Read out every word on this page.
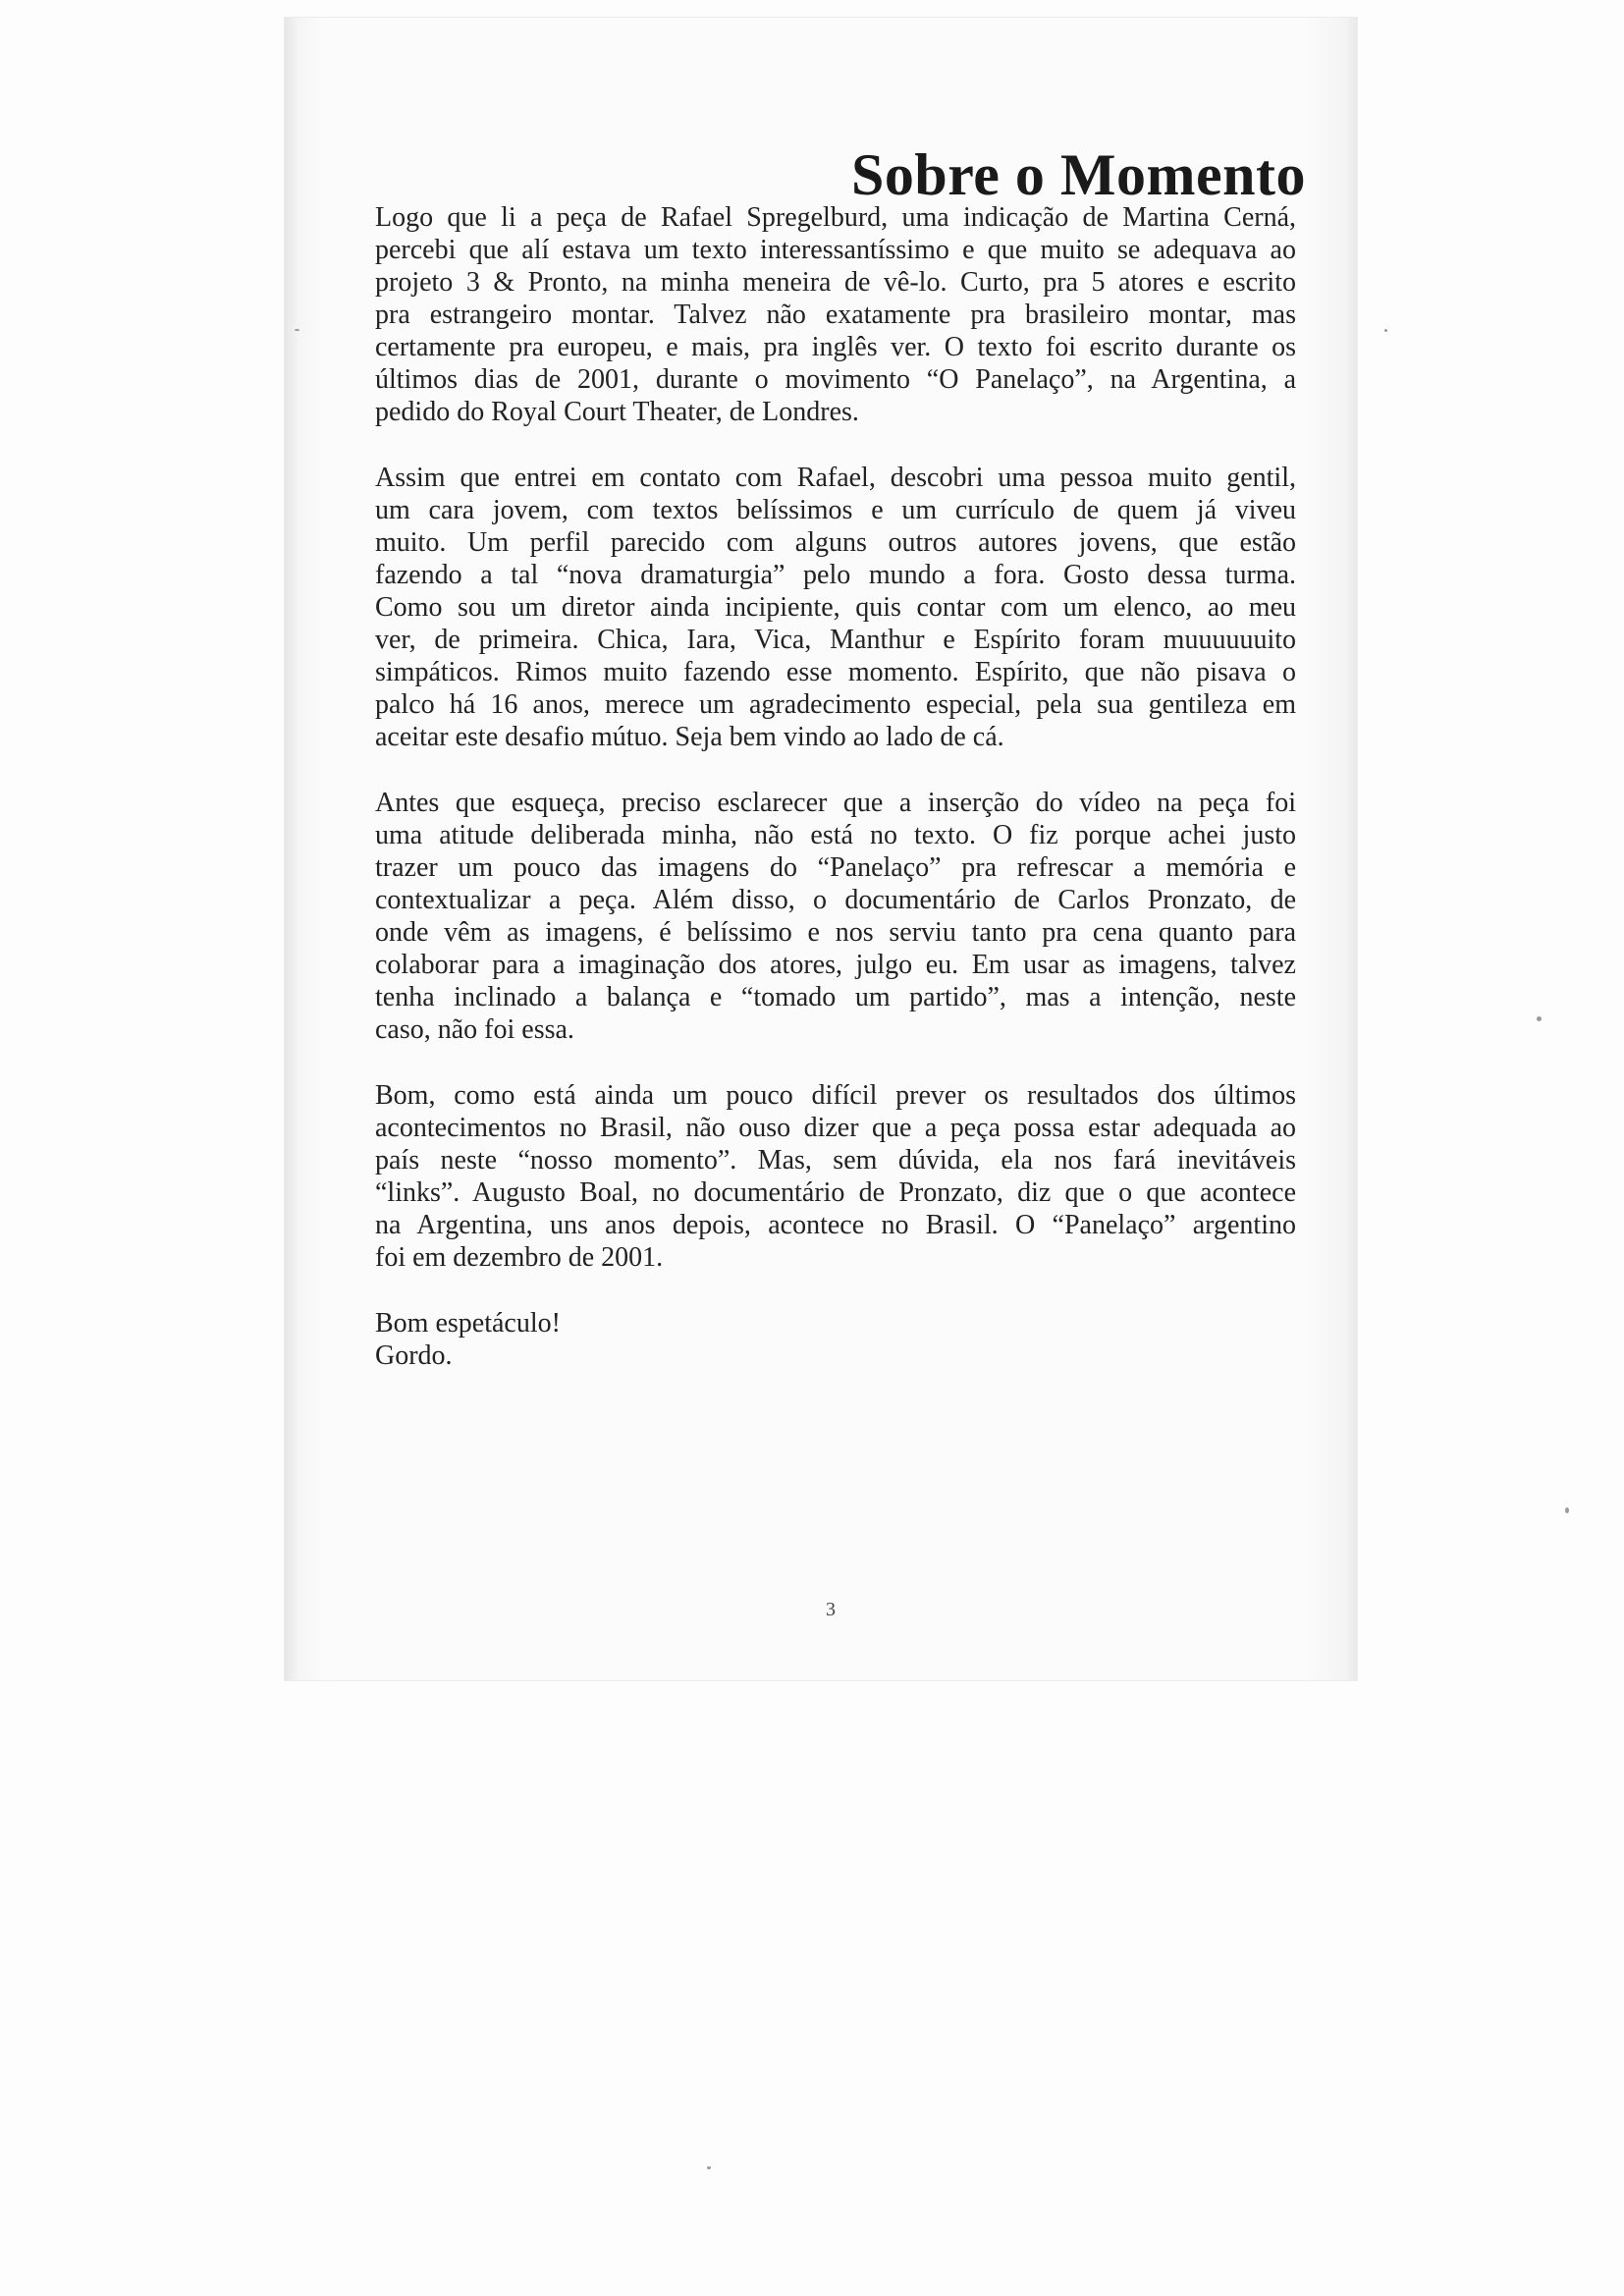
Sobre o Momento

Logo que li a peça de Rafael Spregelburd, uma indicação de Martina Cerná,
percebi que alí estava um texto interessantíssimo e que muito se adequava ao
projeto 3 & Pronto, na minha meneira de vê-lo. Curto, pra 5 atores e escrito
pra estrangeiro montar. Talvez não exatamente pra brasileiro montar, mas
certamente pra europeu, e mais, pra inglês ver. O texto foi escrito durante os
últimos dias de 2001, durante o movimento “O Panelaço”, na Argentina, a
pedido do Royal Court Theater, de Londres.

Assim que entrei em contato com Rafael, descobri uma pessoa muito gentil,
um cara jovem, com textos belíssimos e um currículo de quem já viveu
muito. Um perfil parecido com alguns outros autores jovens, que estão
fazendo a tal “nova dramaturgia” pelo mundo a fora. Gosto dessa turma.
Como sou um diretor ainda incipiente, quis contar com um elenco, ao meu
ver, de primeira. Chica, Iara, Vica, Manthur e Espírito foram muuuuuuito
simpáticos. Rimos muito fazendo esse momento. Espírito, que não pisava o
palco há 16 anos, merece um agradecimento especial, pela sua gentileza em
aceitar este desafio mútuo. Seja bem vindo ao lado de cá.

Antes que esqueça, preciso esclarecer que a inserção do vídeo na peça foi
uma atitude deliberada minha, não está no texto. O fiz porque achei justo
trazer um pouco das imagens do “Panelaço” pra refrescar a memória e
contextualizar a peça. Além disso, o documentário de Carlos Pronzato, de
onde vêm as imagens, é belíssimo e nos serviu tanto pra cena quanto para
colaborar para a imaginação dos atores, julgo eu. Em usar as imagens, talvez
tenha inclinado a balança e “tomado um partido”, mas a intenção, neste
caso, não foi essa.

Bom, como está ainda um pouco difícil prever os resultados dos últimos
acontecimentos no Brasil, não ouso dizer que a peça possa estar adequada ao
país neste “nosso momento”. Mas, sem dúvida, ela nos fará inevitáveis
“links”. Augusto Boal, no documentário de Pronzato, diz que o que acontece
na Argentina, uns anos depois, acontece no Brasil. O “Panelaço” argentino
foi em dezembro de 2001.

Bom espetáculo!
Gordo.
3
